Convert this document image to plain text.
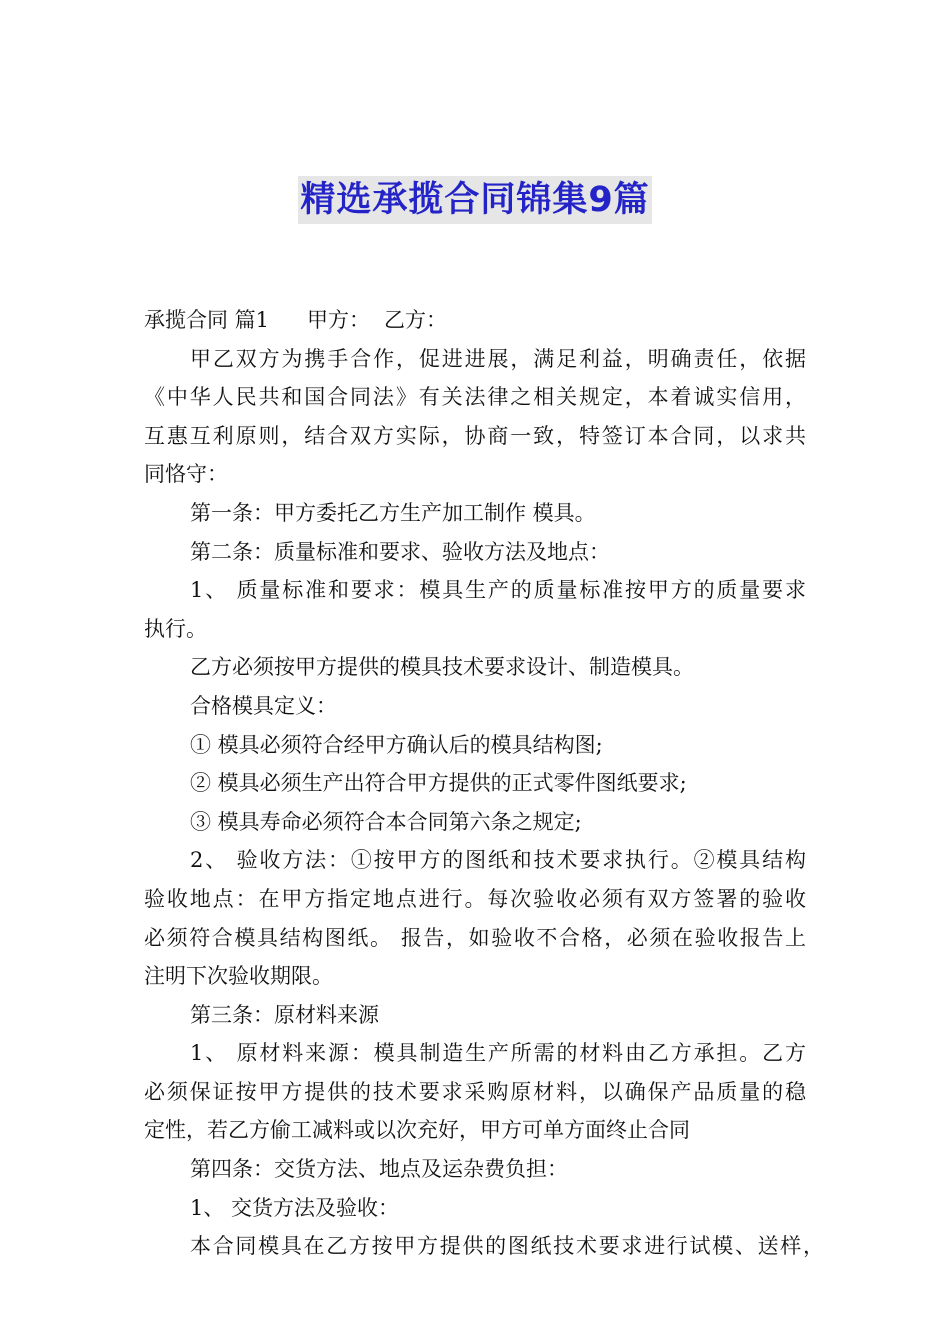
精选承揽合同锦集9篇
承揽合同 篇1 甲方： 乙方：
甲乙双方为携手合作，促进进展，满足利益，明确责任，依据
《中华人民共和国合同法》有关法律之相关规定，本着诚实信用，
互惠互利原则，结合双方实际，协商一致，特签订本合同，以求共
同恪守：
第一条：甲方委托乙方生产加工制作 模具。
第二条：质量标准和要求、验收方法及地点：
1、 质量标准和要求：模具生产的质量标准按甲方的质量要求
执行。
乙方必须按甲方提供的模具技术要求设计、制造模具。
合格模具定义：
① 模具必须符合经甲方确认后的模具结构图;
② 模具必须生产出符合甲方提供的正式零件图纸要求;
③ 模具寿命必须符合本合同第六条之规定;
2、 验收方法：①按甲方的图纸和技术要求执行。②模具结构
验收地点：在甲方指定地点进行。每次验收必须有双方签署的验收
必须符合模具结构图纸。 报告，如验收不合格，必须在验收报告上
注明下次验收期限。
第三条：原材料来源
1、 原材料来源：模具制造生产所需的材料由乙方承担。乙方
必须保证按甲方提供的技术要求采购原材料，以确保产品质量的稳
定性，若乙方偷工减料或以次充好，甲方可单方面终止合同
第四条：交货方法、地点及运杂费负担：
1、 交货方法及验收：
本合同模具在乙方按甲方提供的图纸技术要求进行试模、送样，
